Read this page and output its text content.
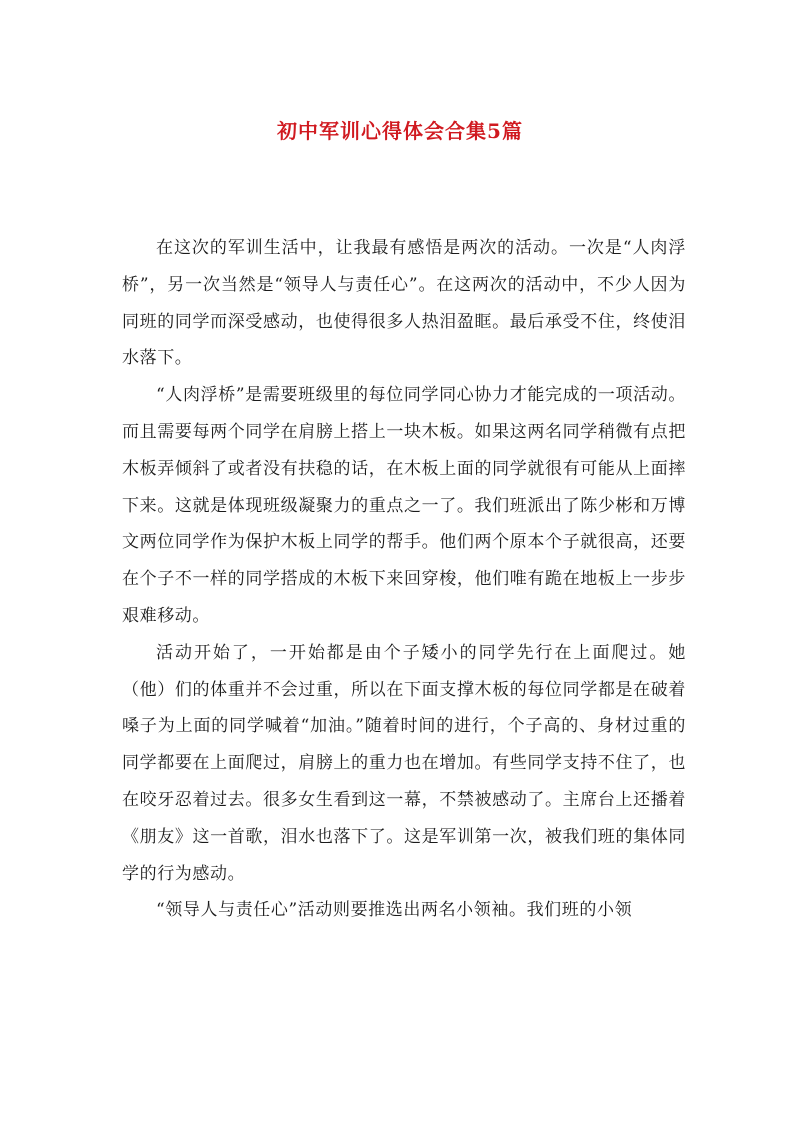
初中军训心得体会合集5篇

在这次的军训生活中，让我最有感悟是两次的活动。一次是“人肉浮桥”，另一次当然是“领导人与责任心”。在这两次的活动中，不少人因为同班的同学而深受感动，也使得很多人热泪盈眶。最后承受不住，终使泪水落下。

“人肉浮桥”是需要班级里的每位同学同心协力才能完成的一项活动。而且需要每两个同学在肩膀上搭上一块木板。如果这两名同学稍微有点把木板弄倾斜了或者没有扶稳的话，在木板上面的同学就很有可能从上面摔下来。这就是体现班级凝聚力的重点之一了。我们班派出了陈少彬和万博文两位同学作为保护木板上同学的帮手。他们两个原本个子就很高，还要在个子不一样的同学搭成的木板下来回穿梭，他们唯有跪在地板上一步步艰难移动。

活动开始了，一开始都是由个子矮小的同学先行在上面爬过。她（他）们的体重并不会过重，所以在下面支撑木板的每位同学都是在破着嗓子为上面的同学喊着“加油。”随着时间的进行，个子高的、身材过重的同学都要在上面爬过，肩膀上的重力也在增加。有些同学支持不住了，也在咬牙忍着过去。很多女生看到这一幕，不禁被感动了。主席台上还播着《朋友》这一首歌，泪水也落下了。这是军训第一次，被我们班的集体同学的行为感动。

“领导人与责任心”活动则要推选出两名小领袖。我们班的小领
